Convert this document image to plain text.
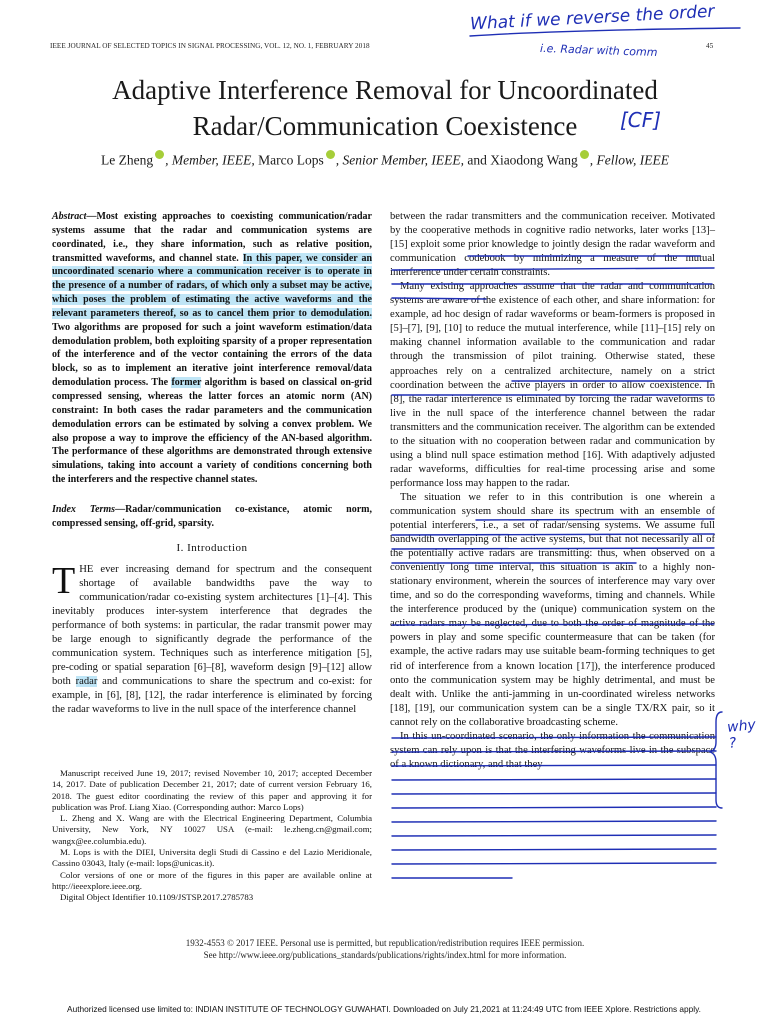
IEEE JOURNAL OF SELECTED TOPICS IN SIGNAL PROCESSING, VOL. 12, NO. 1, FEBRUARY 2018	45
Adaptive Interference Removal for Uncoordinated
Radar/Communication Coexistence
Le Zheng , Member, IEEE, Marco Lops , Senior Member, IEEE, and Xiaodong Wang , Fellow, IEEE
Abstract—Most existing approaches to coexisting communication/radar systems assume that the radar and communication systems are coordinated, i.e., they share information, such as relative position, transmitted waveforms, and channel state. In this paper, we consider an uncoordinated scenario where a communication receiver is to operate in the presence of a number of radars, of which only a subset may be active, which poses the problem of estimating the active waveforms and the relevant parameters thereof, so as to cancel them prior to demodulation. Two algorithms are proposed for such a joint waveform estimation/data demodulation problem, both exploiting sparsity of a proper representation of the interference and of the vector containing the errors of the data block, so as to implement an iterative joint interference removal/data demodulation process. The former algorithm is based on classical on-grid compressed sensing, whereas the latter forces an atomic norm (AN) constraint: In both cases the radar parameters and the communication demodulation errors can be estimated by solving a convex problem. We also propose a way to improve the efficiency of the AN-based algorithm. The performance of these algorithms are demonstrated through extensive simulations, taking into account a variety of conditions concerning both the interferers and the respective channel states.
Index Terms—Radar/communication co-existance, atomic norm, compressed sensing, off-grid, sparsity.
I. Introduction
THE ever increasing demand for spectrum and the consequent shortage of available bandwidths pave the way to communication/radar co-existing system architectures [1]–[4]. This inevitably produces inter-system interference that degrades the performance of both systems: in particular, the radar transmit power may be large enough to significantly degrade the performance of the communication system. Techniques such as interference mitigation [5], pre-coding or spatial separation [6]–[8], waveform design [9]–[12] allow both radar and communications to share the spectrum and co-exist: for example, in [6], [8], [12], the radar interference is eliminated by forcing the radar waveforms to live in the null space of the interference channel

Manuscript received June 19, 2017; revised November 10, 2017; accepted December 14, 2017. Date of publication December 21, 2017; date of current version February 16, 2018. The guest editor coordinating the review of this paper and approving it for publication was Prof. Liang Xiao. (Corresponding author: Marco Lops)

L. Zheng and X. Wang are with the Electrical Engineering Department, Columbia University, New York, NY 10027 USA (e-mail: le.zheng.cn@gmail.com; wangx@ee.columbia.edu).

M. Lops is with the DIEI, Universita degli Studi di Cassino e del Lazio Meridionale, Cassino 03043, Italy (e-mail: lops@unicas.it).

Color versions of one or more of the figures in this paper are available online at http://ieeexplore.ieee.org.

Digital Object Identifier 10.1109/JSTSP.2017.2785783

between the radar transmitters and the communication receiver. Motivated by the cooperative methods in cognitive radio networks, later works [13]–[15] exploit some prior knowledge to jointly design the radar waveform and communication codebook by minimizing a measure of the mutual interference under certain constraints.

Many existing approaches assume that the radar and communication systems are aware of the existence of each other, and share information: for example, ad hoc design of radar waveforms or beam-formers is proposed in [5]–[7], [9], [10] to reduce the mutual interference, while [11]–[15] rely on making channel information available to the communication and radar through the transmission of pilot training. Otherwise stated, these approaches rely on a centralized architecture, namely on a strict coordination between the active players in order to allow coexistence. In [8], the radar interference is eliminated by forcing the radar waveforms to live in the null space of the interference channel between the radar transmitters and the communication receiver. The algorithm can be extended to the situation with no cooperation between radar and communication by using a blind null space estimation method [16]. With adaptively adjusted radar waveforms, difficulties for real-time processing arise and some performance loss may happen to the radar.

The situation we refer to in this contribution is one wherein a communication system should share its spectrum with an ensemble of potential interferers, i.e., a set of radar/sensing systems. We assume full bandwidth overlapping of the active systems, but that not necessarily all of the potentially active radars are transmitting: thus, when observed on a conveniently long time interval, this situation is akin to a highly non-stationary environment, wherein the sources of interference may vary over time, and so do the corresponding waveforms, timing and channels. While the interference produced by the (unique) communication system on the active radars may be neglected, due to both the order of magnitude of the powers in play and some specific countermeasure that can be taken (for example, the active radars may use suitable beam-forming techniques to get rid of interference from a known location [17]), the interference produced onto the communication system may be highly detrimental, and must be dealt with. Unlike the anti-jamming in un-coordinated wireless networks [18], [19], our communication system can be a single TX/RX pair, so it cannot rely on the collaborative broadcasting scheme.

In this un-coordinated scenario, the only information the communication system can rely upon is that the interfering waveforms live in the subspace of a known dictionary, and that they

1932-4553 © 2017 IEEE. Personal use is permitted, but republication/redistribution requires IEEE permission.
See http://www.ieee.org/publications_standards/publications/rights/index.html for more information.
Authorized licensed use limited to: INDIAN INSTITUTE OF TECHNOLOGY GUWAHATI. Downloaded on July 21,2021 at 11:24:49 UTC from IEEE Xplore. Restrictions apply.
What if we reverse the order
i.e. Radar with comm
[CF]
why ?
